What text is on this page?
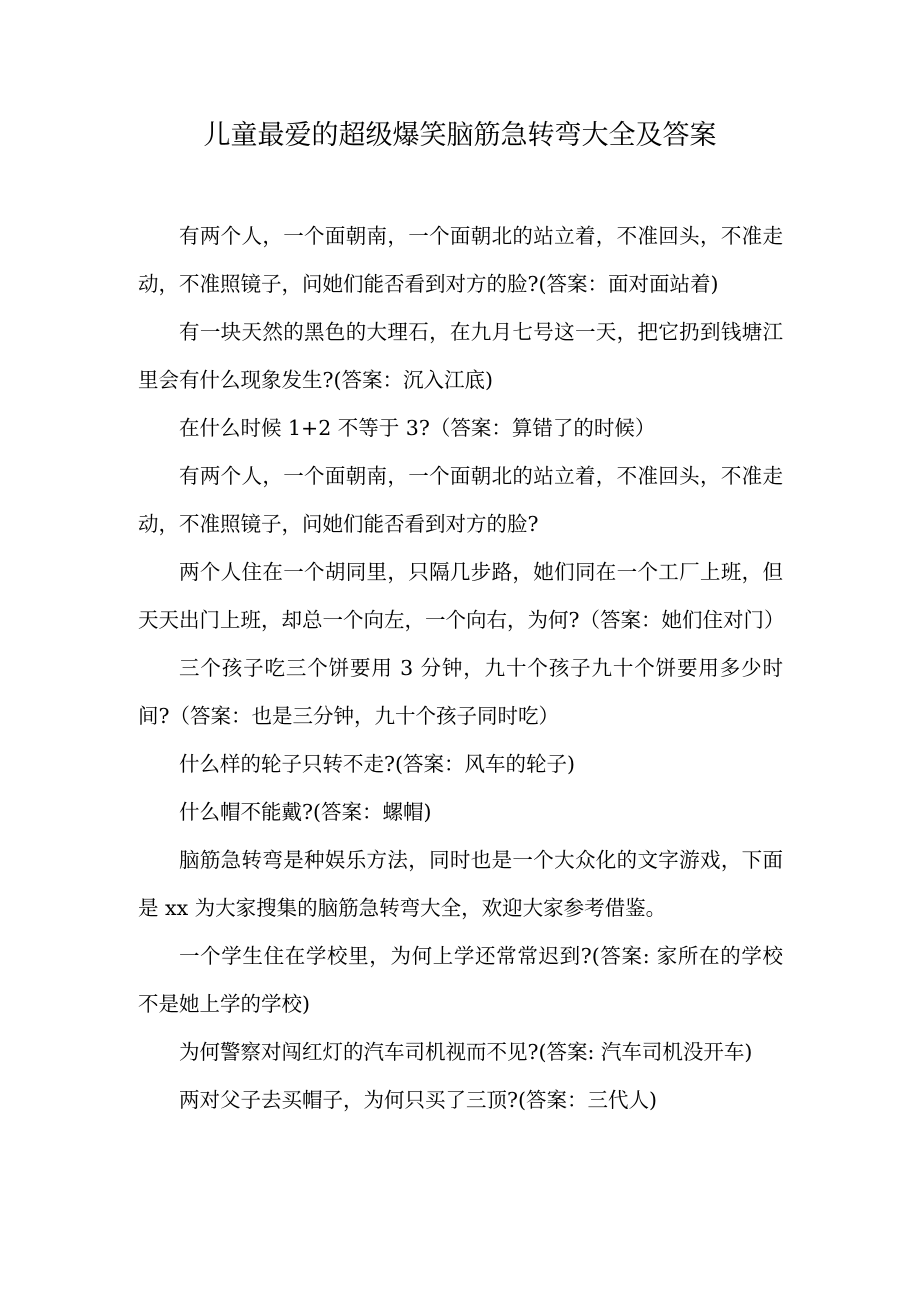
儿童最爱的超级爆笑脑筋急转弯大全及答案

有两个人，一个面朝南，一个面朝北的站立着，不准回头，不准走动，不准照镜子，问她们能否看到对方的脸?(答案：面对面站着)

有一块天然的黑色的大理石，在九月七号这一天，把它扔到钱塘江里会有什么现象发生?(答案：沉入江底)

在什么时候 1+2 不等于 3?（答案：算错了的时候）

有两个人，一个面朝南，一个面朝北的站立着，不准回头，不准走动，不准照镜子，问她们能否看到对方的脸?

两个人住在一个胡同里，只隔几步路，她们同在一个工厂上班，但天天出门上班，却总一个向左，一个向右，为何?（答案：她们住对门）

三个孩子吃三个饼要用 3 分钟，九十个孩子九十个饼要用多少时间?（答案：也是三分钟，九十个孩子同时吃）

什么样的轮子只转不走?(答案：风车的轮子)

什么帽不能戴?(答案：螺帽)

脑筋急转弯是种娱乐方法，同时也是一个大众化的文字游戏，下面是 xx 为大家搜集的脑筋急转弯大全，欢迎大家参考借鉴。

一个学生住在学校里，为何上学还常常迟到?(答案: 家所在的学校不是她上学的学校)

为何警察对闯红灯的汽车司机视而不见?(答案: 汽车司机没开车)

两对父子去买帽子，为何只买了三顶?(答案：三代人)
